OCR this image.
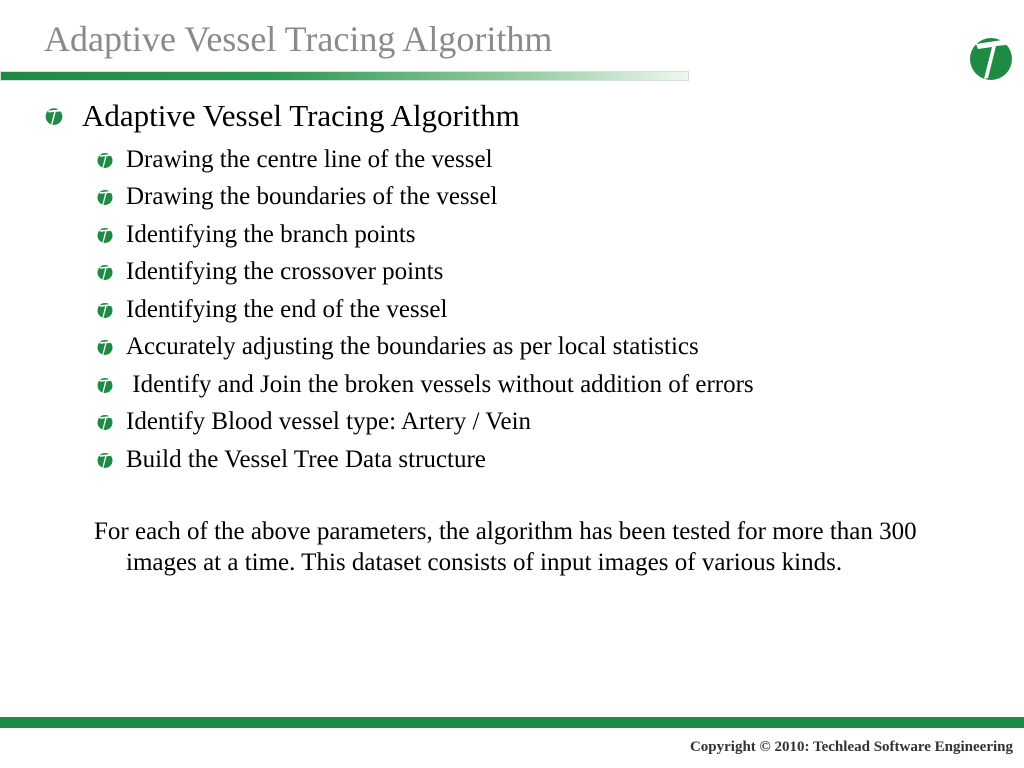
Adaptive Vessel Tracing Algorithm
Adaptive Vessel Tracing Algorithm
Drawing the centre line of the vessel
Drawing the boundaries of the vessel
Identifying the branch points
Identifying the crossover points
Identifying the end of the vessel
Accurately adjusting the boundaries as per local statistics
Identify and Join the broken vessels without addition of errors
Identify Blood vessel type: Artery / Vein
Build the Vessel Tree Data structure

For each of the above parameters, the algorithm has been tested for more than 300 images at a time. This dataset consists of input images of various kinds.

Copyright © 2010: Techlead Software Engineering
